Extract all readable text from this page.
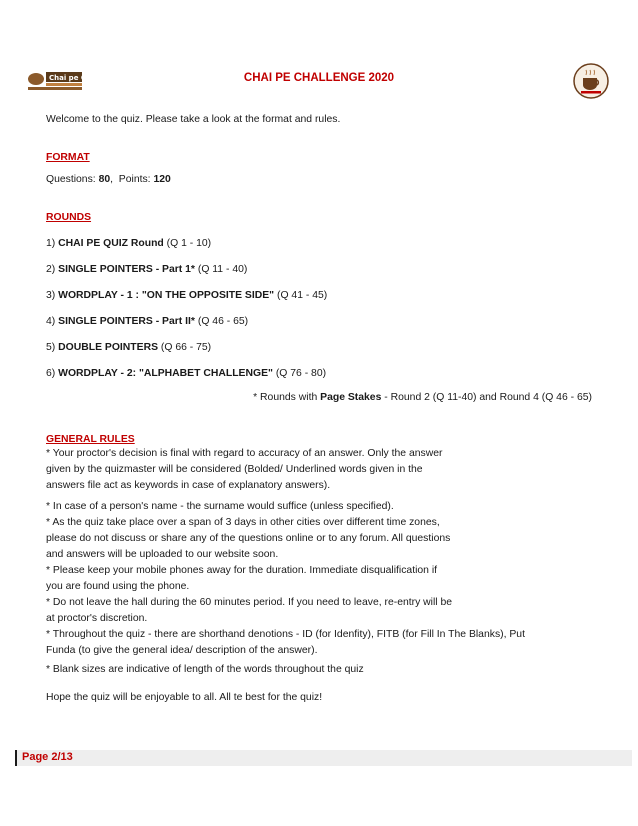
Chai pe Quiz	CHAI PE CHALLENGE 2020
Welcome to the quiz. Please take a look at the format and rules.
FORMAT
Questions: 80,  Points: 120
ROUNDS
1) CHAI PE QUIZ Round (Q 1 - 10)
2) SINGLE POINTERS - Part 1* (Q 11 - 40)
3) WORDPLAY - 1 : "ON THE OPPOSITE SIDE" (Q 41 - 45)
4) SINGLE POINTERS - Part II* (Q 46 - 65)
5) DOUBLE POINTERS (Q 66 - 75)
6) WORDPLAY - 2: "ALPHABET CHALLENGE" (Q 76 - 80)
* Rounds with Page Stakes - Round 2 (Q 11-40) and Round 4 (Q 46 - 65)
GENERAL RULES
* Your proctor's decision is final with regard to accuracy of an answer. Only the answer
given by the quizmaster will be considered (Bolded/ Underlined words given in the
answers file act as keywords in case of explanatory answers).
* In case of a person's name - the surname would suffice (unless specified).
* As the quiz take place over a span of 3 days in other cities over different time zones,
please do not discuss or share any of the questions online or to any forum. All questions
and answers will be uploaded to our website soon.
* Please keep your mobile phones away for the duration. Immediate disqualification if
you are found using the phone.
* Do not leave the hall during the 60 minutes period. If you need to leave, re-entry will be
at proctor's discretion.
* Throughout the quiz - there are shorthand denotions - ID (for Idenfity), FITB (for Fill In The Blanks), Put
Funda (to give the general idea/ description of the answer).
* Blank sizes are indicative of length of the words throughout the quiz
Hope the quiz will be enjoyable to all. All te best for the quiz!
Page 2/13
